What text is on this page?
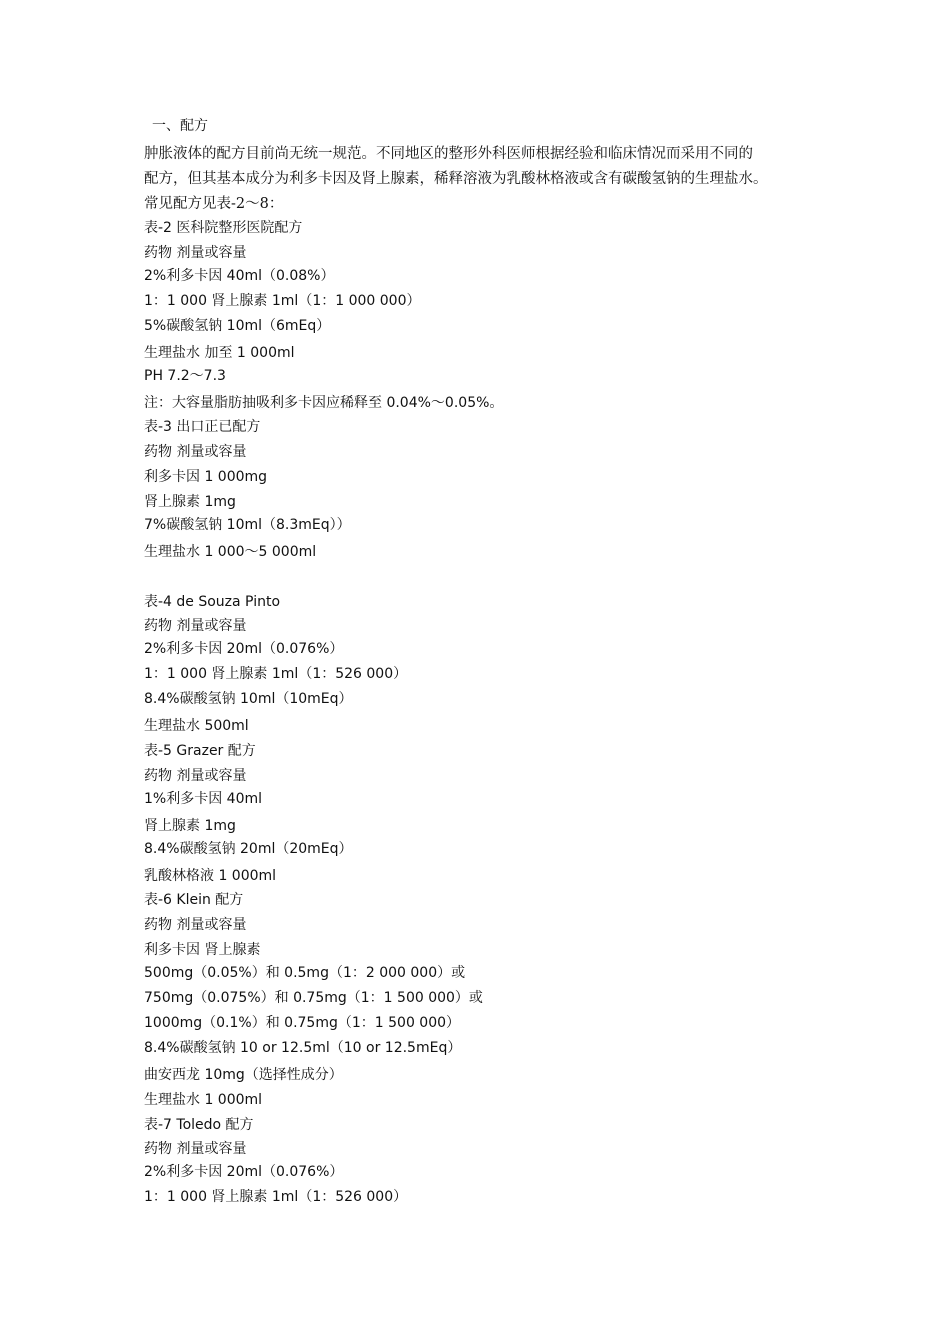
一、配方
肿胀液体的配方目前尚无统一规范。不同地区的整形外科医师根据经验和临床情况而采用不同的
配方，但其基本成分为利多卡因及肾上腺素，稀释溶液为乳酸林格液或含有碳酸氢钠的生理盐水。
常见配方见表-2～8：
表-2 医科院整形医院配方
药物 剂量或容量
2%利多卡因 40ml（0.08%）
1：1 000 肾上腺素 1ml（1：1 000 000）
5%碳酸氢钠 10ml（6mEq）
生理盐水 加至 1 000ml
PH 7.2～7.3
注：大容量脂肪抽吸利多卡因应稀释至 0.04%～0.05%。
表-3 出口正已配方
药物 剂量或容量
利多卡因 1 000mg
肾上腺素 1mg
7%碳酸氢钠 10ml（8.3mEq））
生理盐水 1 000～5 000ml
表-4 de Souza Pinto
药物 剂量或容量
2%利多卡因 20ml（0.076%）
1：1 000 肾上腺素 1ml（1：526 000）
8.4%碳酸氢钠 10ml（10mEq）
生理盐水 500ml
表-5 Grazer 配方
药物 剂量或容量
1%利多卡因 40ml
肾上腺素 1mg
8.4%碳酸氢钠 20ml（20mEq）
乳酸林格液 1 000ml
表-6 Klein 配方
药物 剂量或容量
利多卡因 肾上腺素
500mg（0.05%）和 0.5mg（1：2 000 000）或
750mg（0.075%）和 0.75mg（1：1 500 000）或
1000mg（0.1%）和 0.75mg（1：1 500 000）
8.4%碳酸氢钠 10 or 12.5ml（10 or 12.5mEq）
曲安西龙 10mg（选择性成分）
生理盐水 1 000ml
表-7 Toledo 配方
药物 剂量或容量
2%利多卡因 20ml（0.076%）
1：1 000 肾上腺素 1ml（1：526 000）
